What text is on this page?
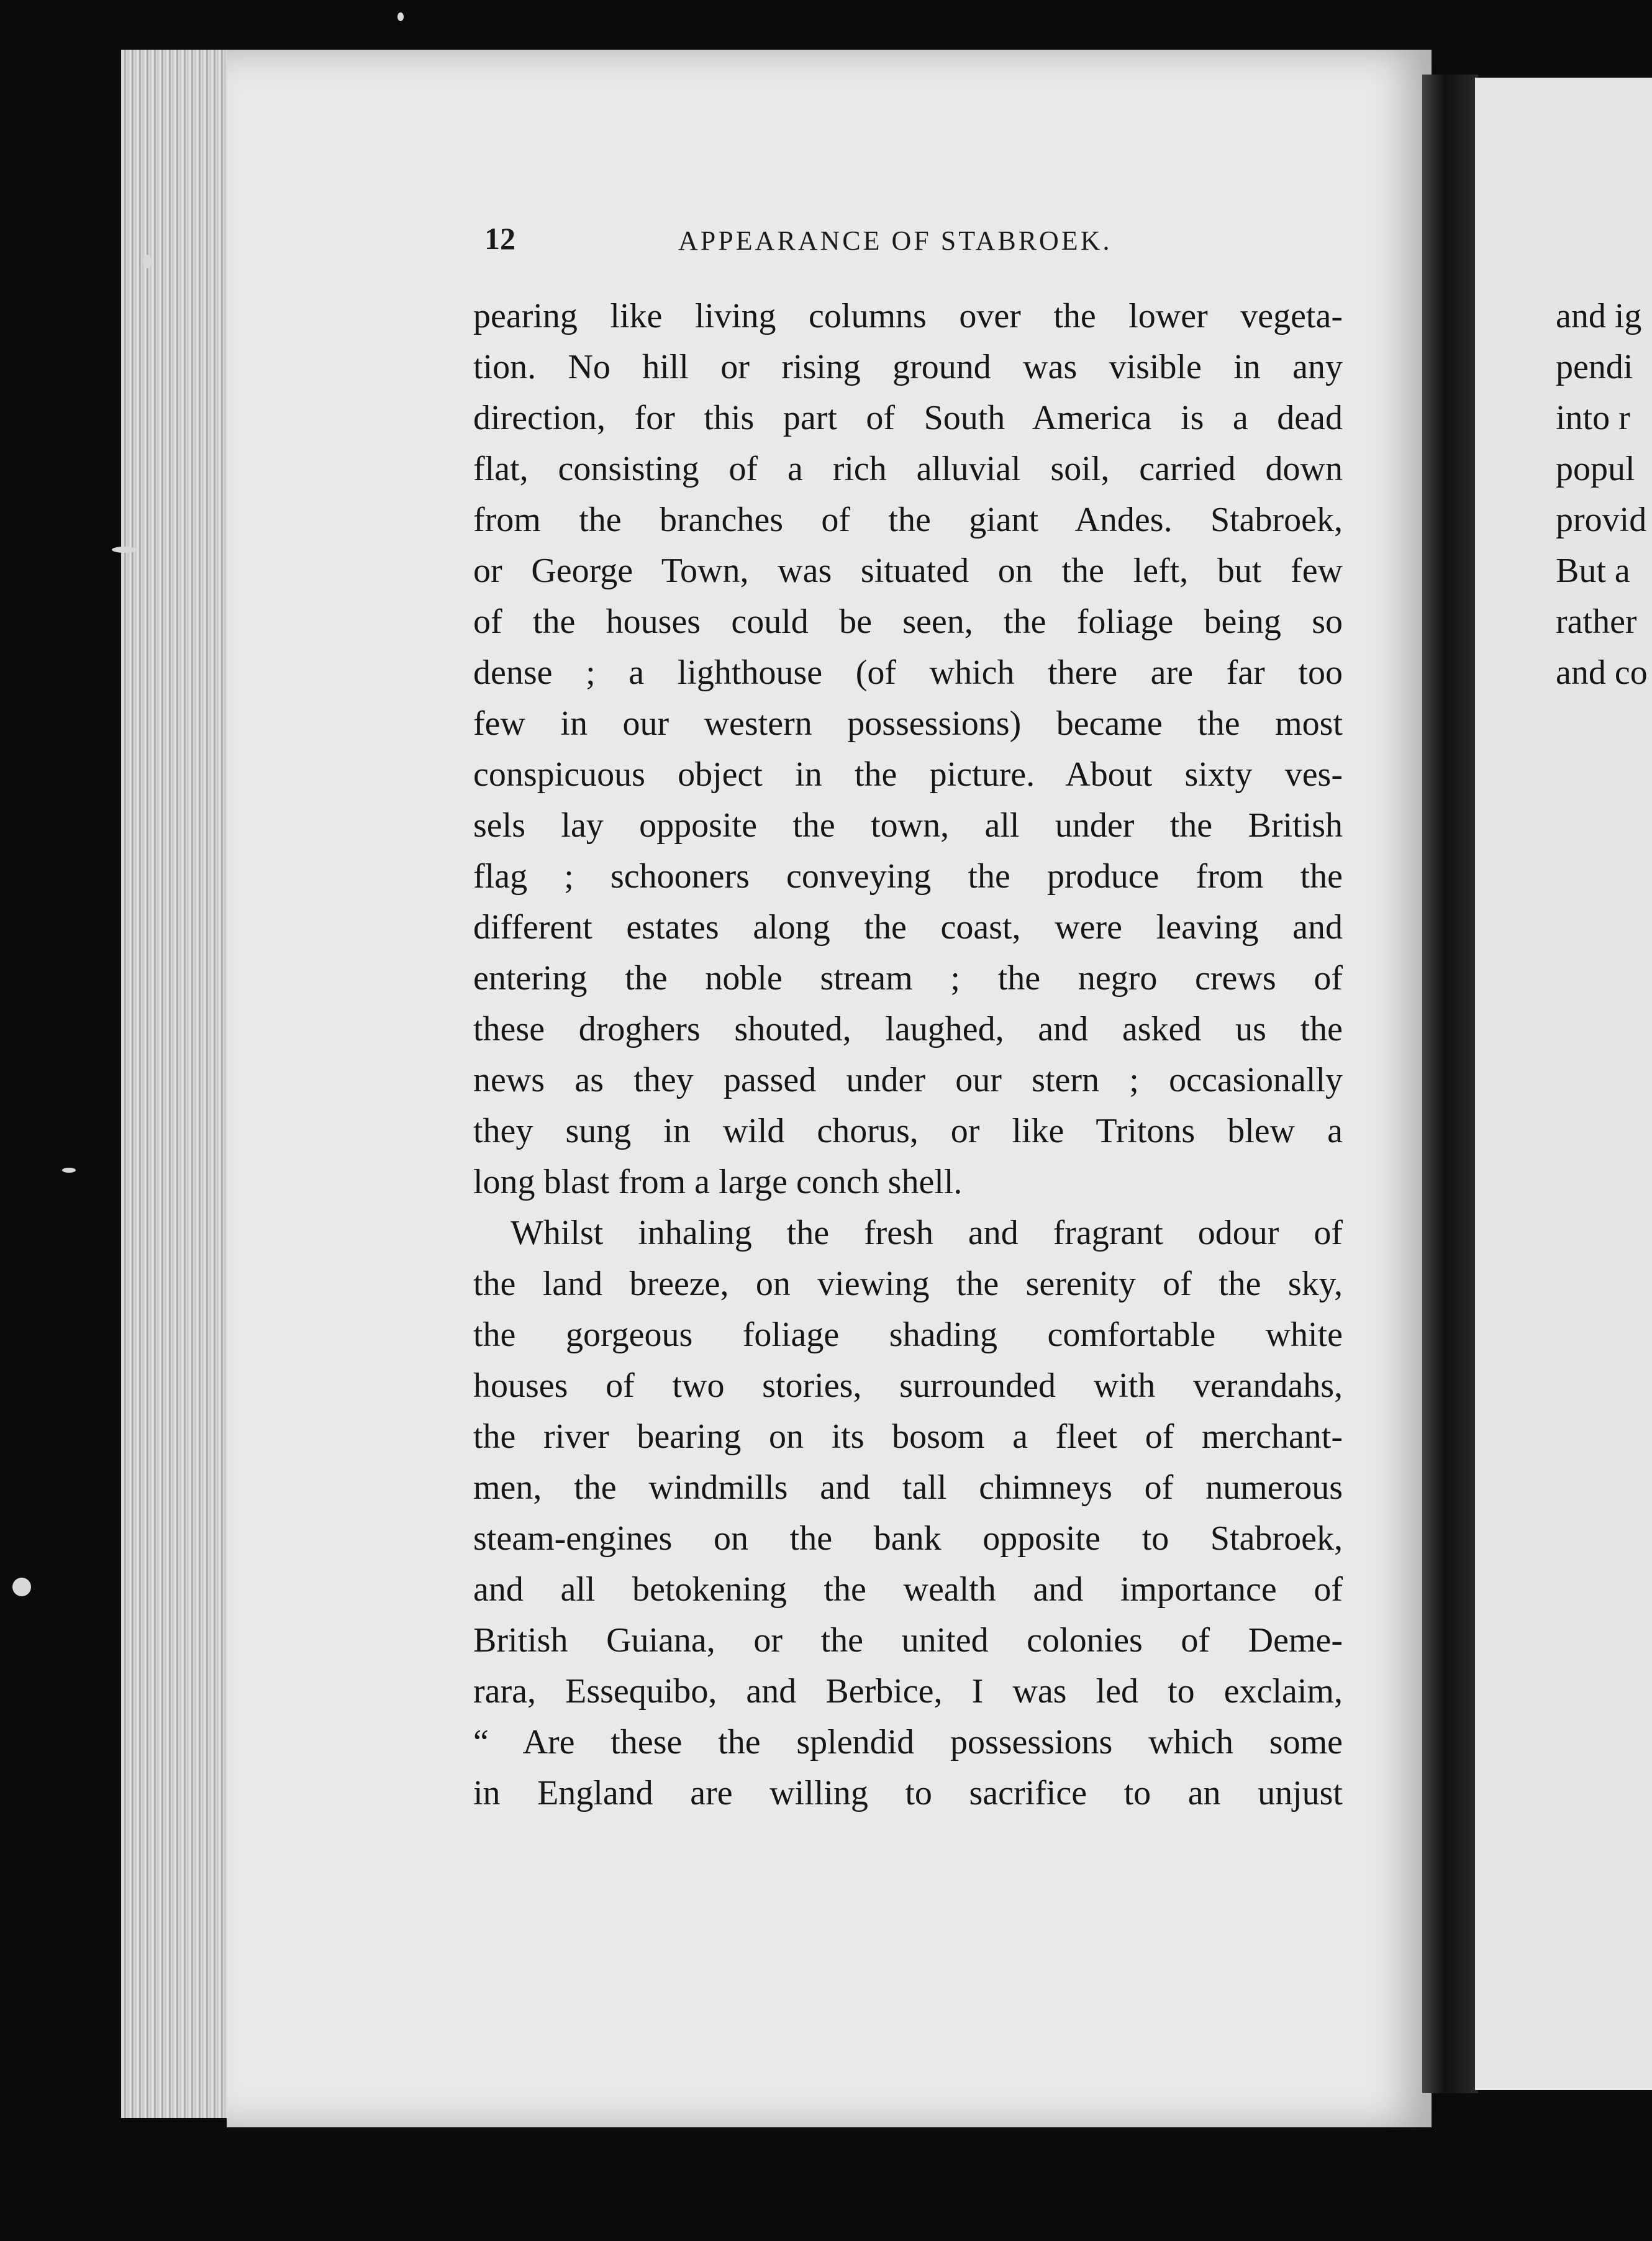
12	APPEARANCE OF STABROEK.
pearing like living columns over the lower vegeta-
tion. No hill or rising ground was visible in any
direction, for this part of South America is a dead
flat, consisting of a rich alluvial soil, carried down
from the branches of the giant Andes. Stabroek,
or George Town, was situated on the left, but few
of the houses could be seen, the foliage being so
dense ; a lighthouse (of which there are far too
few in our western possessions) became the most
conspicuous object in the picture. About sixty ves-
sels lay opposite the town, all under the British
flag ; schooners conveying the produce from the
different estates along the coast, were leaving and
entering the noble stream ; the negro crews of
these droghers shouted, laughed, and asked us the
news as they passed under our stern ; occasionally
they sung in wild chorus, or like Tritons blew a
long blast from a large conch shell.
Whilst inhaling the fresh and fragrant odour of
the land breeze, on viewing the serenity of the sky,
the gorgeous foliage shading comfortable white
houses of two stories, surrounded with verandahs,
the river bearing on its bosom a fleet of merchant-
men, the windmills and tall chimneys of numerous
steam-engines on the bank opposite to Stabroek,
and all betokening the wealth and importance of
British Guiana, or the united colonies of Deme-
rara, Essequibo, and Berbice, I was led to exclaim,
“ Are these the splendid possessions which some
in England are willing to sacrifice to an unjust
and ig
pendi
into r
popul
provid
But a
rather
and co
